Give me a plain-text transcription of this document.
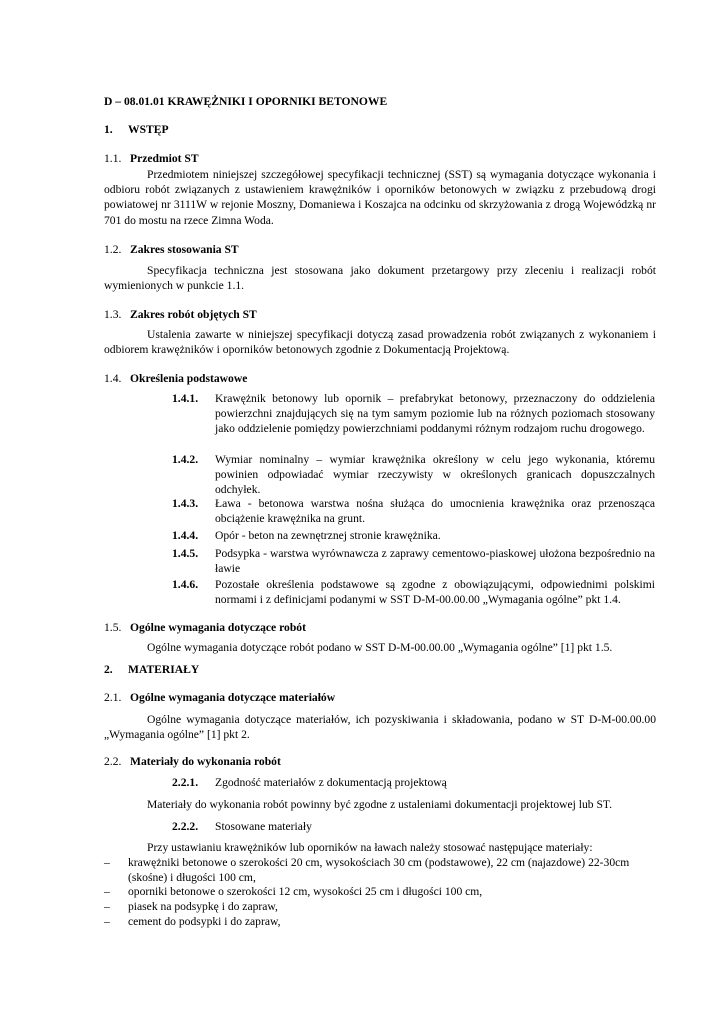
D – 08.01.01 KRAWĘŻNIKI I OPORNIKI BETONOWE
1. WSTĘP
1.1. Przedmiot ST
Przedmiotem niniejszej szczegółowej specyfikacji technicznej (SST) są wymagania dotyczące wykonania i odbioru robót związanych z ustawieniem krawężników i oporników betonowych w związku z przebudową drogi powiatowej nr 3111W w rejonie Moszny, Domaniewa i Koszajca na odcinku od skrzyżowania z drogą Wojewódzką nr 701 do mostu na rzece Zimna Woda.
1.2. Zakres stosowania ST
Specyfikacja techniczna jest stosowana jako dokument przetargowy przy zleceniu i realizacji robót wymienionych w punkcie 1.1.
1.3. Zakres robót objętych ST
Ustalenia zawarte w niniejszej specyfikacji dotyczą zasad prowadzenia robót związanych z wykonaniem i odbiorem krawężników i oporników betonowych zgodnie z Dokumentacją Projektową.
1.4. Określenia podstawowe
1.4.1. Krawężnik betonowy lub opornik – prefabrykat betonowy, przeznaczony do oddzielenia powierzchni znajdujących się na tym samym poziomie lub na różnych poziomach stosowany jako oddzielenie pomiędzy powierzchniami poddanymi różnym rodzajom ruchu drogowego.
1.4.2. Wymiar nominalny – wymiar krawężnika określony w celu jego wykonania, któremu powinien odpowiadać wymiar rzeczywisty w określonych granicach dopuszczalnych odchyłek.
1.4.3. Ława - betonowa warstwa nośna służąca do umocnienia krawężnika oraz przenosząca obciążenie krawężnika na grunt.
1.4.4. Opór - beton na zewnętrznej stronie krawężnika.
1.4.5. Podsypka - warstwa wyrównawcza z zaprawy cementowo-piaskowej ułożona bezpośrednio na ławie
1.4.6. Pozostałe określenia podstawowe są zgodne z obowiązującymi, odpowiednimi polskimi normami i z definicjami podanymi w SST D-M-00.00.00 „Wymagania ogólne” pkt 1.4.
1.5. Ogólne wymagania dotyczące robót
Ogólne wymagania dotyczące robót podano w SST D-M-00.00.00 „Wymagania ogólne” [1] pkt 1.5.
2. MATERIAŁY
2.1. Ogólne wymagania dotyczące materiałów
Ogólne wymagania dotyczące materiałów, ich pozyskiwania i składowania, podano w ST D-M-00.00.00 „Wymagania ogólne” [1] pkt 2.
2.2. Materiały do wykonania robót
2.2.1. Zgodność materiałów z dokumentacją projektową
Materiały do wykonania robót powinny być zgodne z ustaleniami dokumentacji projektowej lub ST.
2.2.2. Stosowane materiały
Przy ustawianiu krawężników lub oporników na ławach należy stosować następujące materiały:
– krawężniki betonowe o szerokości 20 cm, wysokościach 30 cm (podstawowe), 22 cm (najazdowe) 22-30cm (skośne) i długości 100 cm,
– oporniki betonowe o szerokości 12 cm, wysokości 25 cm i długości 100 cm,
– piasek na podsypkę i do zapraw,
– cement do podsypki i do zapraw,
